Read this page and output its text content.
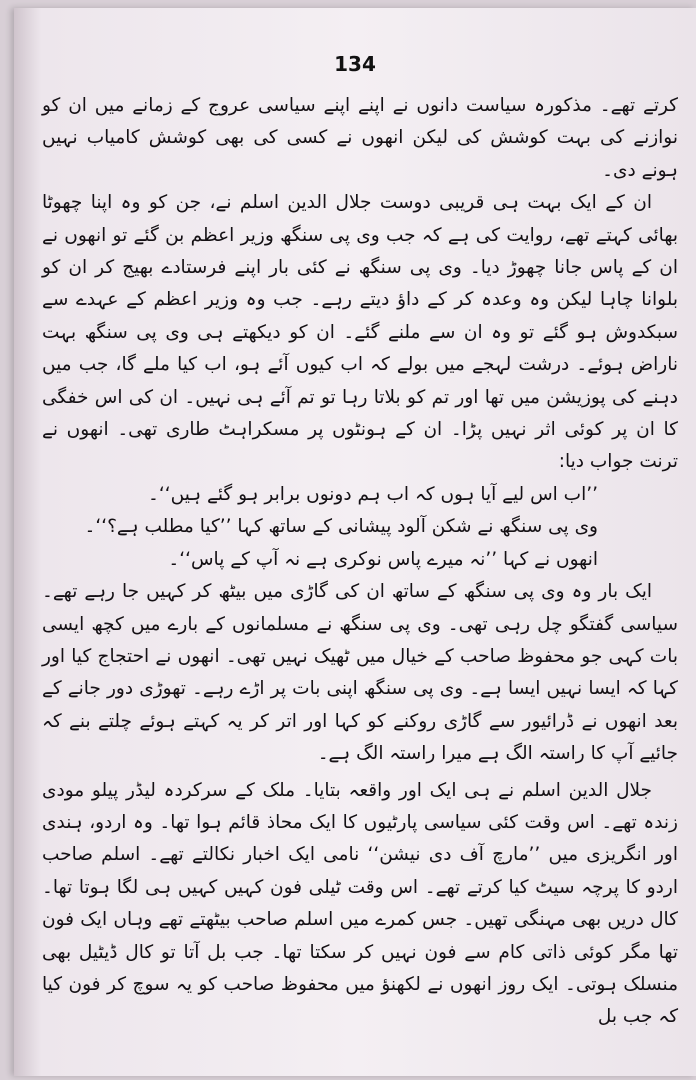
134

کرتے تھے۔ مذکورہ سیاست دانوں نے اپنے اپنے سیاسی عروج کے زمانے میں ان کو نوازنے کی بہت کوشش کی لیکن انھوں نے کسی کی بھی کوشش کامیاب نہیں ہونے دی۔

ان کے ایک بہت ہی قریبی دوست جلال الدین اسلم نے، جن کو وہ اپنا چھوٹا بھائی کہتے تھے، روایت کی ہے کہ جب وی پی سنگھ وزیر اعظم بن گئے تو انھوں نے ان کے پاس جانا چھوڑ دیا۔ وی پی سنگھ نے کئی بار اپنے فرستادے بھیج کر ان کو بلوانا چاہا لیکن وہ وعدہ کر کے داؤ دیتے رہے۔ جب وہ وزیر اعظم کے عہدے سے سبکدوش ہو گئے تو وہ ان سے ملنے گئے۔ ان کو دیکھتے ہی وی پی سنگھ بہت ناراض ہوئے۔ درشت لہجے میں بولے کہ اب کیوں آئے ہو، اب کیا ملے گا، جب میں دہنے کی پوزیشن میں تھا اور تم کو بلاتا رہا تو تم آئے ہی نہیں۔ ان کی اس خفگی کا ان پر کوئی اثر نہیں پڑا۔ ان کے ہونٹوں پر مسکراہٹ طاری تھی۔ انھوں نے ترنت جواب دیا:

’’اب اس لیے آیا ہوں کہ اب ہم دونوں برابر ہو گئے ہیں‘‘۔

وی پی سنگھ نے شکن آلود پیشانی کے ساتھ کہا ’’کیا مطلب ہے؟‘‘۔

انھوں نے کہا ’’نہ میرے پاس نوکری ہے نہ آپ کے پاس‘‘۔

ایک بار وہ وی پی سنگھ کے ساتھ ان کی گاڑی میں بیٹھ کر کہیں جا رہے تھے۔ سیاسی گفتگو چل رہی تھی۔ وی پی سنگھ نے مسلمانوں کے بارے میں کچھ ایسی بات کہی جو محفوظ صاحب کے خیال میں ٹھیک نہیں تھی۔ انھوں نے احتجاج کیا اور کہا کہ ایسا نہیں ایسا ہے۔ وی پی سنگھ اپنی بات پر اڑے رہے۔ تھوڑی دور جانے کے بعد انھوں نے ڈرائیور سے گاڑی روکنے کو کہا اور اتر کر یہ کہتے ہوئے چلتے بنے کہ جائیے آپ کا راستہ الگ ہے میرا راستہ الگ ہے۔

جلال الدین اسلم نے ہی ایک اور واقعہ بتایا۔ ملک کے سرکردہ لیڈر پیلو مودی زندہ تھے۔ اس وقت کئی سیاسی پارٹیوں کا ایک محاذ قائم ہوا تھا۔ وہ اردو، ہندی اور انگریزی میں ’’مارچ آف دی نیشن‘‘ نامی ایک اخبار نکالتے تھے۔ اسلم صاحب اردو کا پرچہ سیٹ کیا کرتے تھے۔ اس وقت ٹیلی فون کہیں کہیں ہی لگا ہوتا تھا۔ کال دریں بھی مہنگی تھیں۔ جس کمرے میں اسلم صاحب بیٹھتے تھے وہاں ایک فون تھا مگر کوئی ذاتی کام سے فون نہیں کر سکتا تھا۔ جب بل آتا تو کال ڈیٹیل بھی منسلک ہوتی۔ ایک روز انھوں نے لکھنؤ میں محفوظ صاحب کو یہ سوچ کر فون کیا کہ جب بل
